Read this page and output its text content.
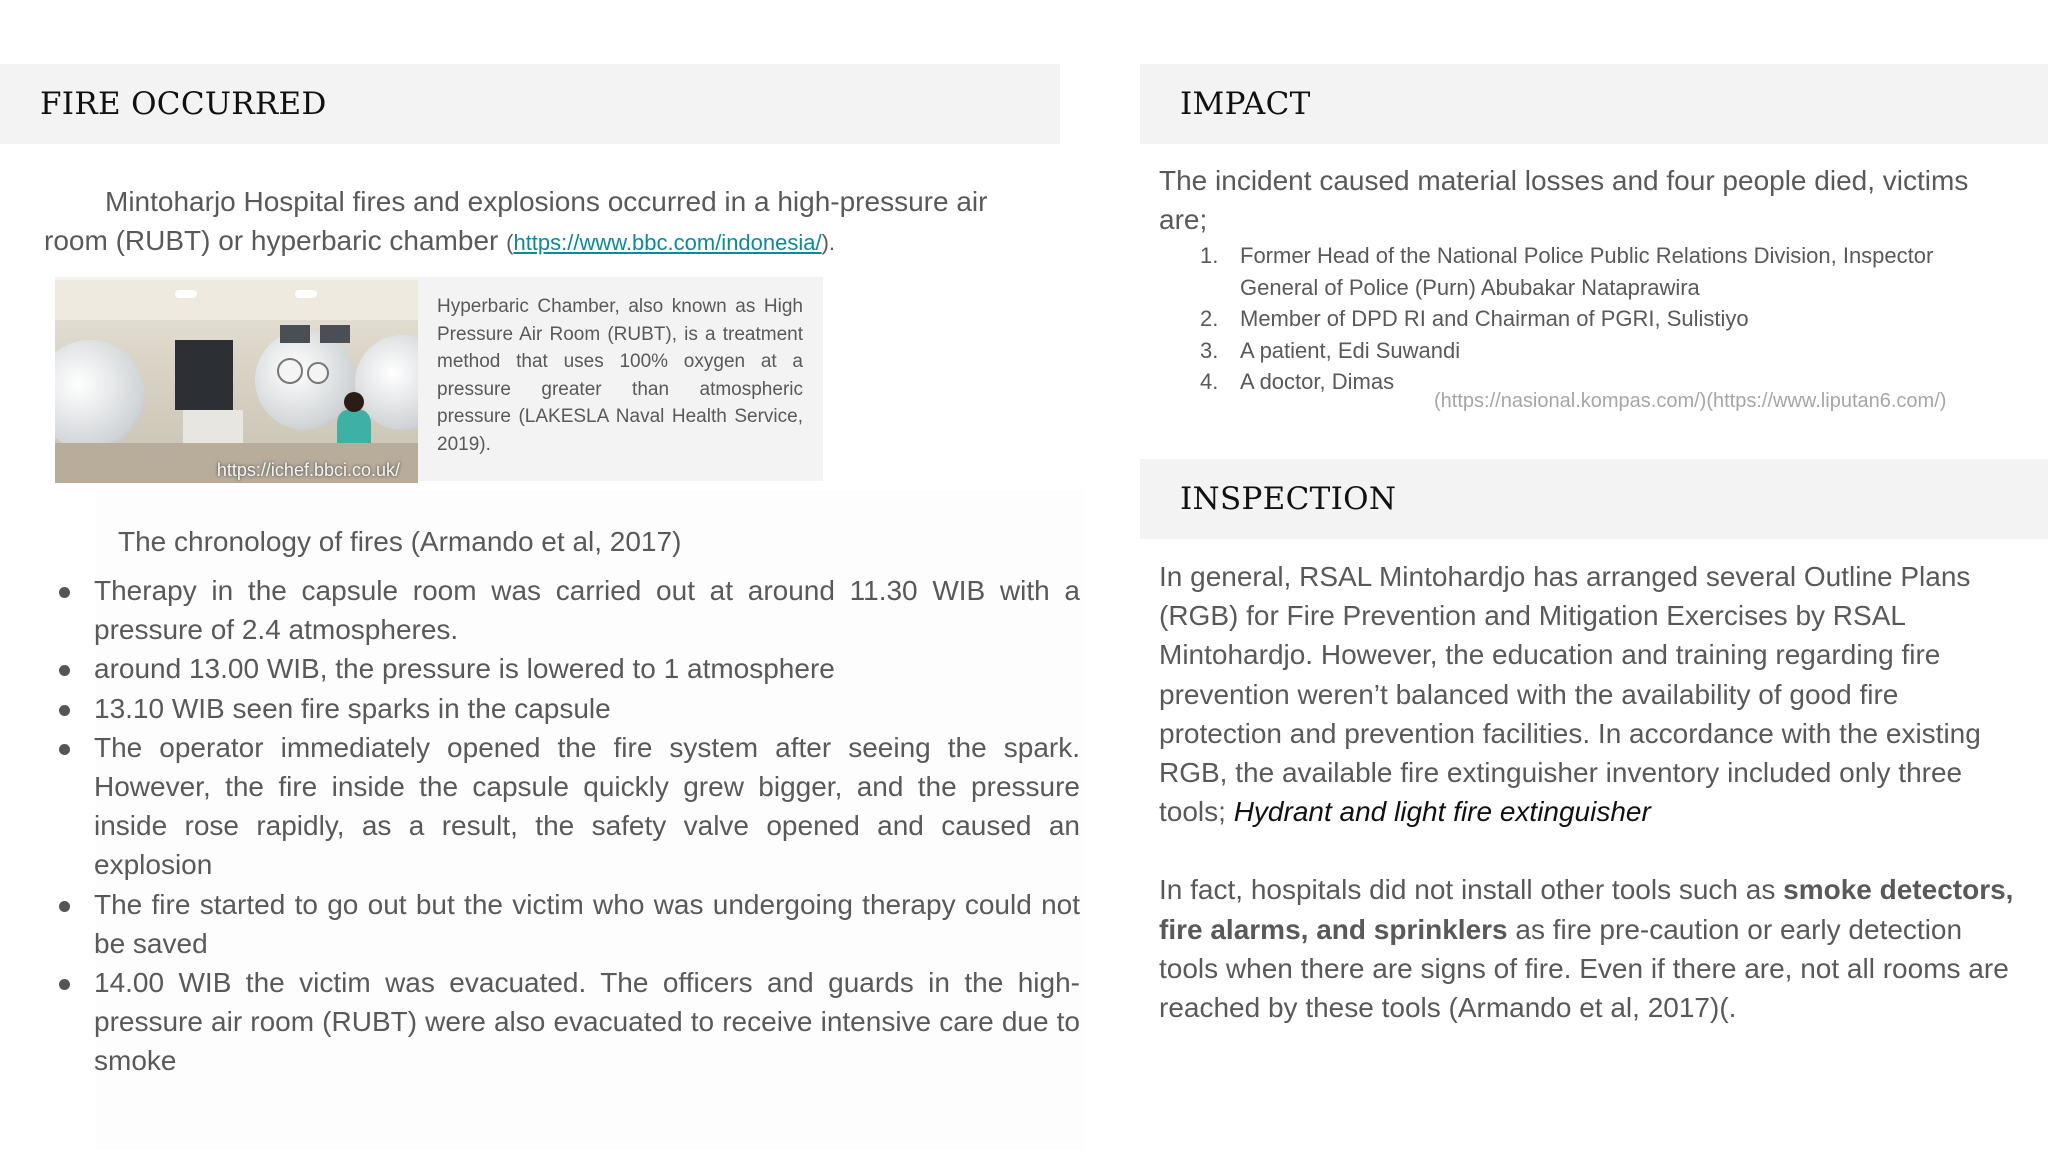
FIRE OCCURRED
Mintoharjo Hospital fires and explosions occurred in a high-pressure air room (RUBT) or hyperbaric chamber (https://www.bbc.com/indonesia/).
https://ichef.bbci.co.uk/
Hyperbaric Chamber, also known as High Pressure Air Room (RUBT), is a treatment method that uses 100% oxygen at a pressure greater than atmospheric pressure (LAKESLA Naval Health Service, 2019).
The chronology of fires (Armando et al, 2017)
Therapy in the capsule room was carried out at around 11.30 WIB with a pressure of 2.4 atmospheres.
around 13.00 WIB, the pressure is lowered to 1 atmosphere
13.10 WIB seen fire sparks in the capsule
The operator immediately opened the fire system after seeing the spark. However, the fire inside the capsule quickly grew bigger, and the pressure inside rose rapidly, as a result, the safety valve opened and caused an explosion
The fire started to go out but the victim who was undergoing therapy could not be saved
14.00 WIB the victim was evacuated. The officers and guards in the high-pressure air room (RUBT) were also evacuated to receive intensive care due to smoke
IMPACT
The incident caused material losses and four people died, victims are;
1. Former Head of the National Police Public Relations Division, Inspector General of Police (Purn) Abubakar Nataprawira
2. Member of DPD RI and Chairman of PGRI, Sulistiyo
3. A patient, Edi Suwandi
4. A doctor, Dimas
(https://nasional.kompas.com/)(https://www.liputan6.com/)
INSPECTION
In general, RSAL Mintohardjo has arranged several Outline Plans (RGB) for Fire Prevention and Mitigation Exercises by RSAL Mintohardjo. However, the education and training regarding fire prevention weren’t balanced with the availability of good fire protection and prevention facilities. In accordance with the existing RGB, the available fire extinguisher inventory included only three tools; Hydrant and light fire extinguisher
In fact, hospitals did not install other tools such as smoke detectors, fire alarms, and sprinklers as fire pre-caution or early detection tools when there are signs of fire. Even if there are, not all rooms are reached by these tools (Armando et al, 2017)(.
